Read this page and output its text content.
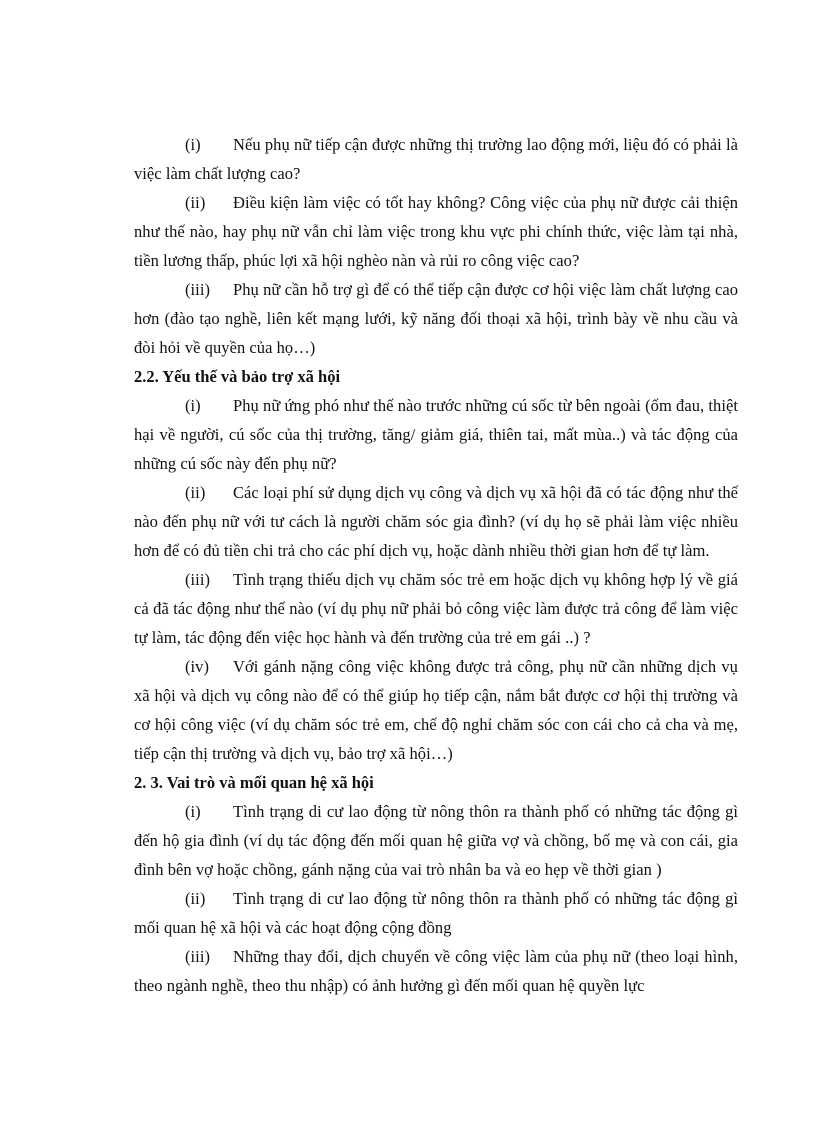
(i) Nếu phụ nữ tiếp cận được những thị trường lao động mới, liệu đó có phải là việc làm chất lượng cao?

(ii) Điều kiện làm việc có tốt hay không? Công việc của phụ nữ được cải thiện như thế nào, hay phụ nữ vẫn chỉ làm việc trong khu vực phi chính thức, việc làm tại nhà, tiền lương thấp, phúc lợi xã hội nghèo nàn và rủi ro công việc cao?

(iii) Phụ nữ cần hỗ trợ gì để có thể tiếp cận được cơ hội việc làm chất lượng cao hơn (đào tạo nghề, liên kết mạng lưới, kỹ năng đối thoại xã hội, trình bày về nhu cầu và đòi hỏi về quyền của họ…)

2.2. Yếu thế và bảo trợ xã hội

(i) Phụ nữ ứng phó như thế nào trước những cú sốc từ bên ngoài (ốm đau, thiệt hại về người, cú sốc của thị trường, tăng/ giảm giá, thiên tai, mất mùa..) và tác động của những cú sốc này đến phụ nữ?

(ii) Các loại phí sử dụng dịch vụ công và dịch vụ xã hội đã có tác động như thế nào đến phụ nữ với tư cách là người chăm sóc gia đình? (ví dụ họ sẽ phải làm việc nhiều hơn để có đủ tiền chi trả cho các phí dịch vụ, hoặc dành nhiều thời gian hơn để tự làm.

(iii) Tình trạng thiếu dịch vụ chăm sóc trẻ em hoặc dịch vụ không hợp lý về giá cả đã tác động như thế nào (ví dụ phụ nữ phải bỏ công việc làm được trả công để làm việc tự làm, tác động đến việc học hành và đến trường của trẻ em gái ..) ?

(iv) Với gánh nặng công việc không được trả công, phụ nữ cần những dịch vụ xã hội và dịch vụ công nào để có thể giúp họ tiếp cận, nắm bắt được cơ hội thị trường và cơ hội công việc (ví dụ chăm sóc trẻ em, chế độ nghỉ chăm sóc con cái cho cả cha và mẹ, tiếp cận thị trường và dịch vụ, bảo trợ xã hội…)

2. 3. Vai trò và mối quan hệ xã hội

(i) Tình trạng di cư lao động từ nông thôn ra thành phố có những tác động gì đến hộ gia đình (ví dụ tác động đến mối quan hệ giữa vợ và chồng, bố mẹ và con cái, gia đình bên vợ hoặc chồng, gánh nặng của vai trò nhân ba và eo hẹp về thời gian )

(ii) Tình trạng di cư lao động từ nông thôn ra thành phố có những tác động gì mối quan hệ xã hội và các hoạt động cộng đồng

(iii) Những thay đổi, dịch chuyển về công việc làm của phụ nữ (theo loại hình, theo ngành nghề, theo thu nhập) có ảnh hưởng gì đến mối quan hệ quyền lực
